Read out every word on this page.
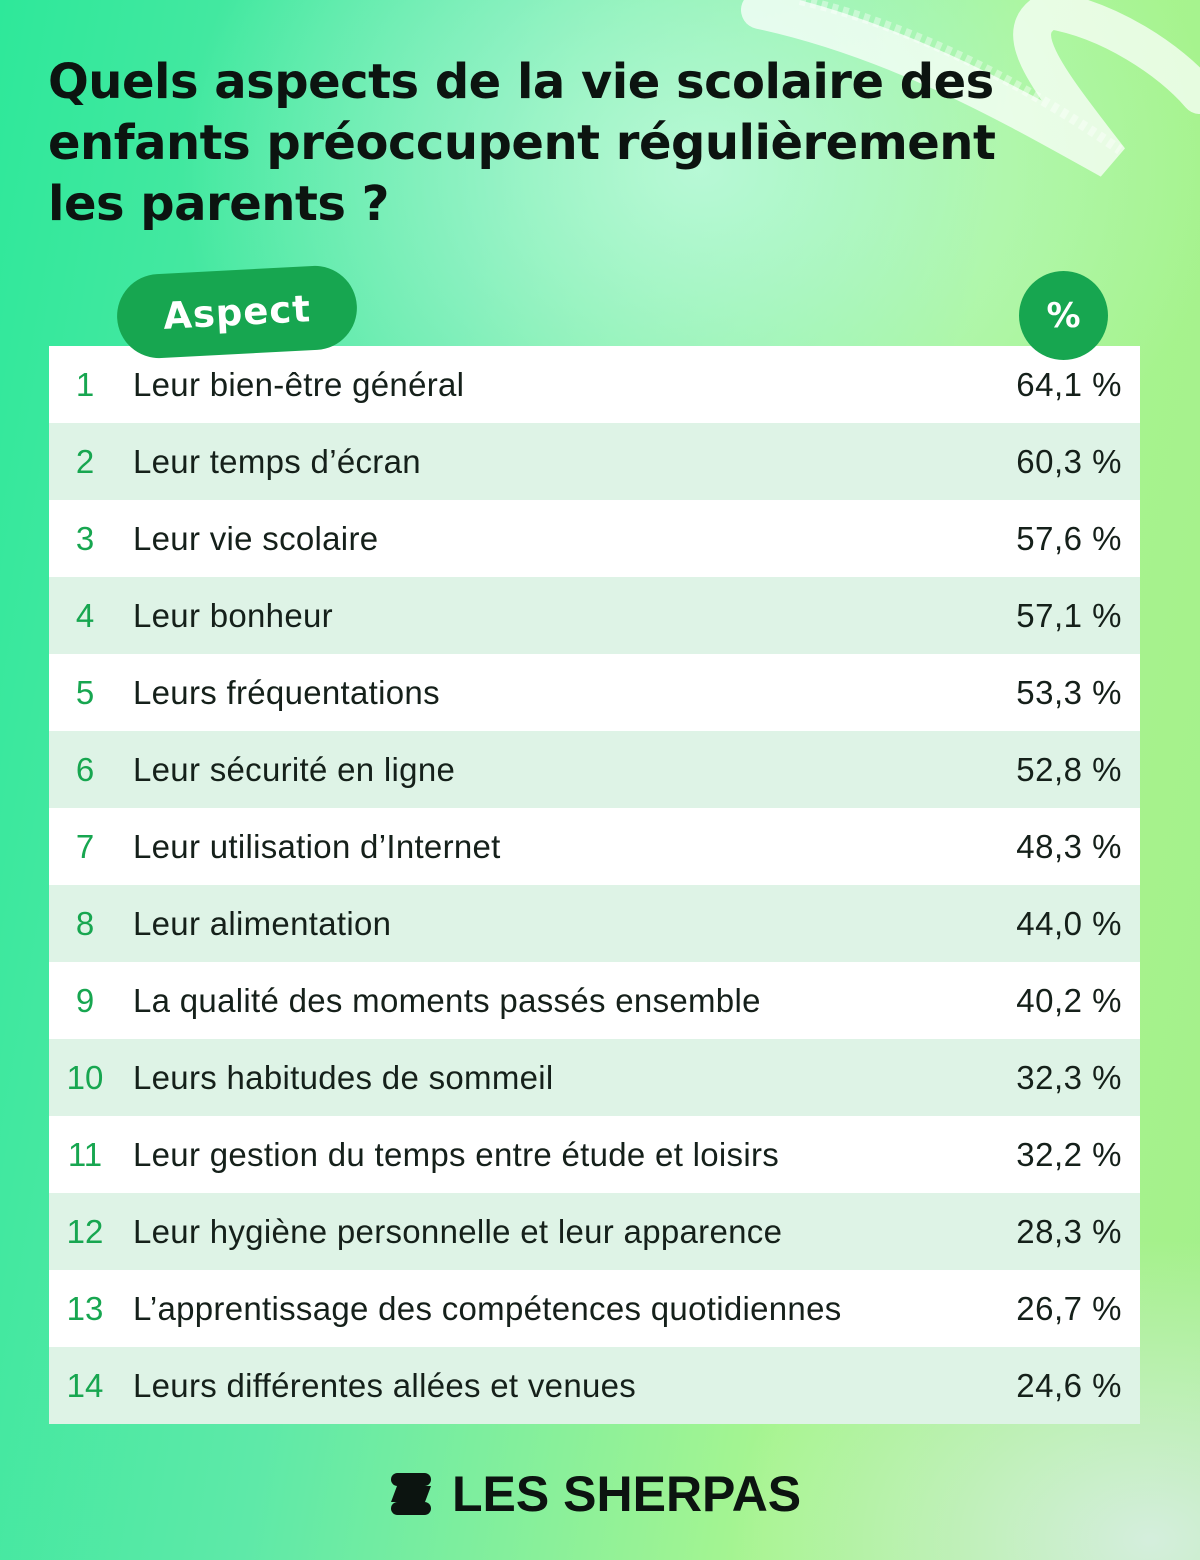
Quels aspects de la vie scolaire des enfants préoccupent régulièrement les parents ?
Aspect	%
1	Leur bien-être général	64,1 %
2	Leur temps d’écran	60,3 %
3	Leur vie scolaire	57,6 %
4	Leur bonheur	57,1 %
5	Leurs fréquentations	53,3 %
6	Leur sécurité en ligne	52,8 %
7	Leur utilisation d’Internet	48,3 %
8	Leur alimentation	44,0 %
9	La qualité des moments passés ensemble	40,2 %
10 Leurs habitudes de sommeil	32,3 %
11 Leur gestion du temps entre étude et loisirs	32,2 %
12 Leur hygiène personnelle et leur apparence	28,3 %
13 L’apprentissage des compétences quotidiennes	26,7 %
14 Leurs différentes allées et venues	24,6 %
LES SHERPAS
